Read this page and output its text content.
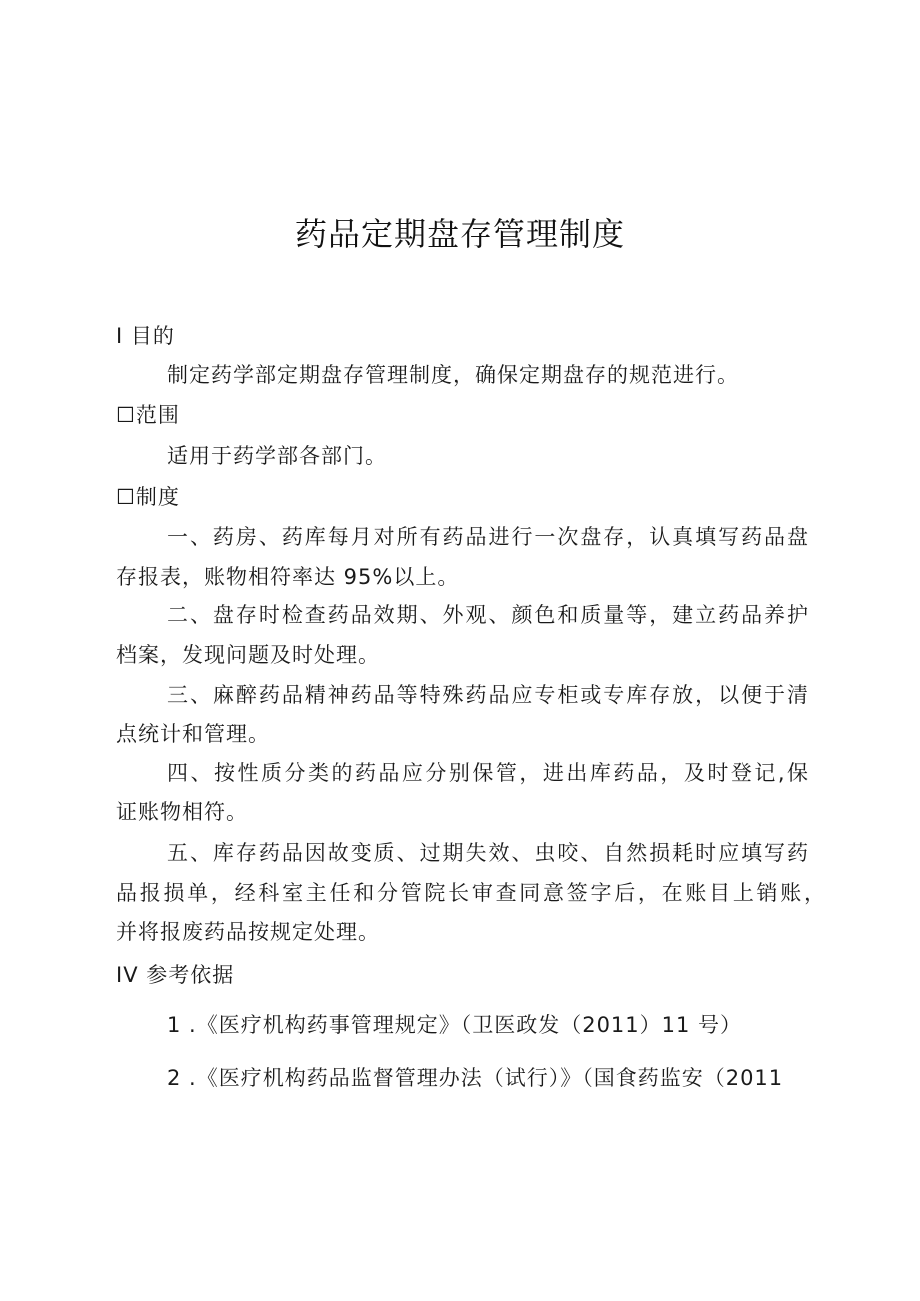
药品定期盘存管理制度
I 目的
制定药学部定期盘存管理制度，确保定期盘存的规范进行。
☐范围
适用于药学部各部门。
☐制度
一、药房、药库每月对所有药品进行一次盘存，认真填写药品盘
存报表，账物相符率达 95%以上。
二、盘存时检查药品效期、外观、颜色和质量等，建立药品养护
档案，发现问题及时处理。
三、麻醉药品精神药品等特殊药品应专柜或专库存放，以便于清
点统计和管理。
四、按性质分类的药品应分别保管，进出库药品，及时登记,保
证账物相符。
五、库存药品因故变质、过期失效、虫咬、自然损耗时应填写药
品报损单，经科室主任和分管院长审查同意签字后，在账目上销账，
并将报废药品按规定处理。
IV 参考依据
1 .《医疗机构药事管理规定》（卫医政发（2011）11 号）
2 .《医疗机构药品监督管理办法（试行）》（国食药监安（2011
